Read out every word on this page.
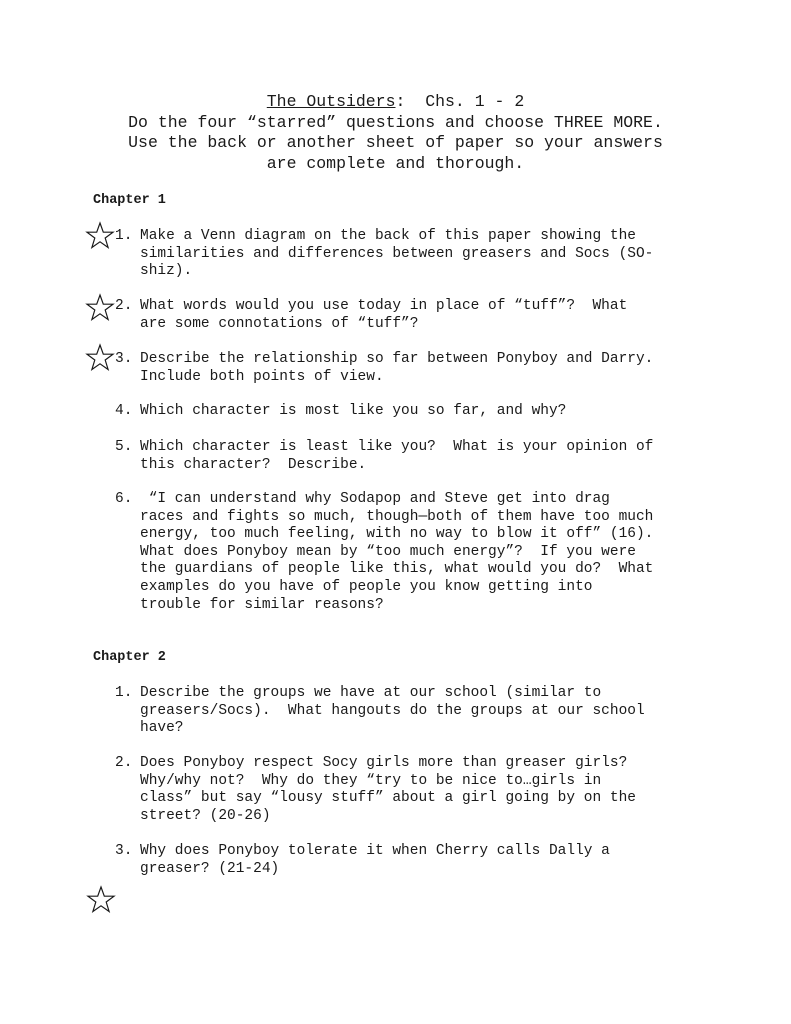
The Outsiders:  Chs. 1 - 2
Do the four “starred” questions and choose THREE MORE.
Use the back or another sheet of paper so your answers
are complete and thorough.
Chapter 1
1. Make a Venn diagram on the back of this paper showing the
similarities and differences between greasers and Socs (SO-
shiz).
2. What words would you use today in place of “tuff”?  What
are some connotations of “tuff”?
3. Describe the relationship so far between Ponyboy and Darry.
Include both points of view.
4. Which character is most like you so far, and why?
5. Which character is least like you?  What is your opinion of
this character?  Describe.
6.	“I can understand why Sodapop and Steve get into drag
races and fights so much, though—both of them have too much
energy, too much feeling, with no way to blow it off” (16).
What does Ponyboy mean by “too much energy”?  If you were
the guardians of people like this, what would you do?  What
examples do you have of people you know getting into
trouble for similar reasons?
Chapter 2
1. Describe the groups we have at our school (similar to
greasers/Socs).  What hangouts do the groups at our school
have?
2. Does Ponyboy respect Socy girls more than greaser girls?
Why/why not?  Why do they “try to be nice to…girls in
class” but say “lousy stuff” about a girl going by on the
street? (20-26)
3. Why does Ponyboy tolerate it when Cherry calls Dally a
greaser? (21-24)
